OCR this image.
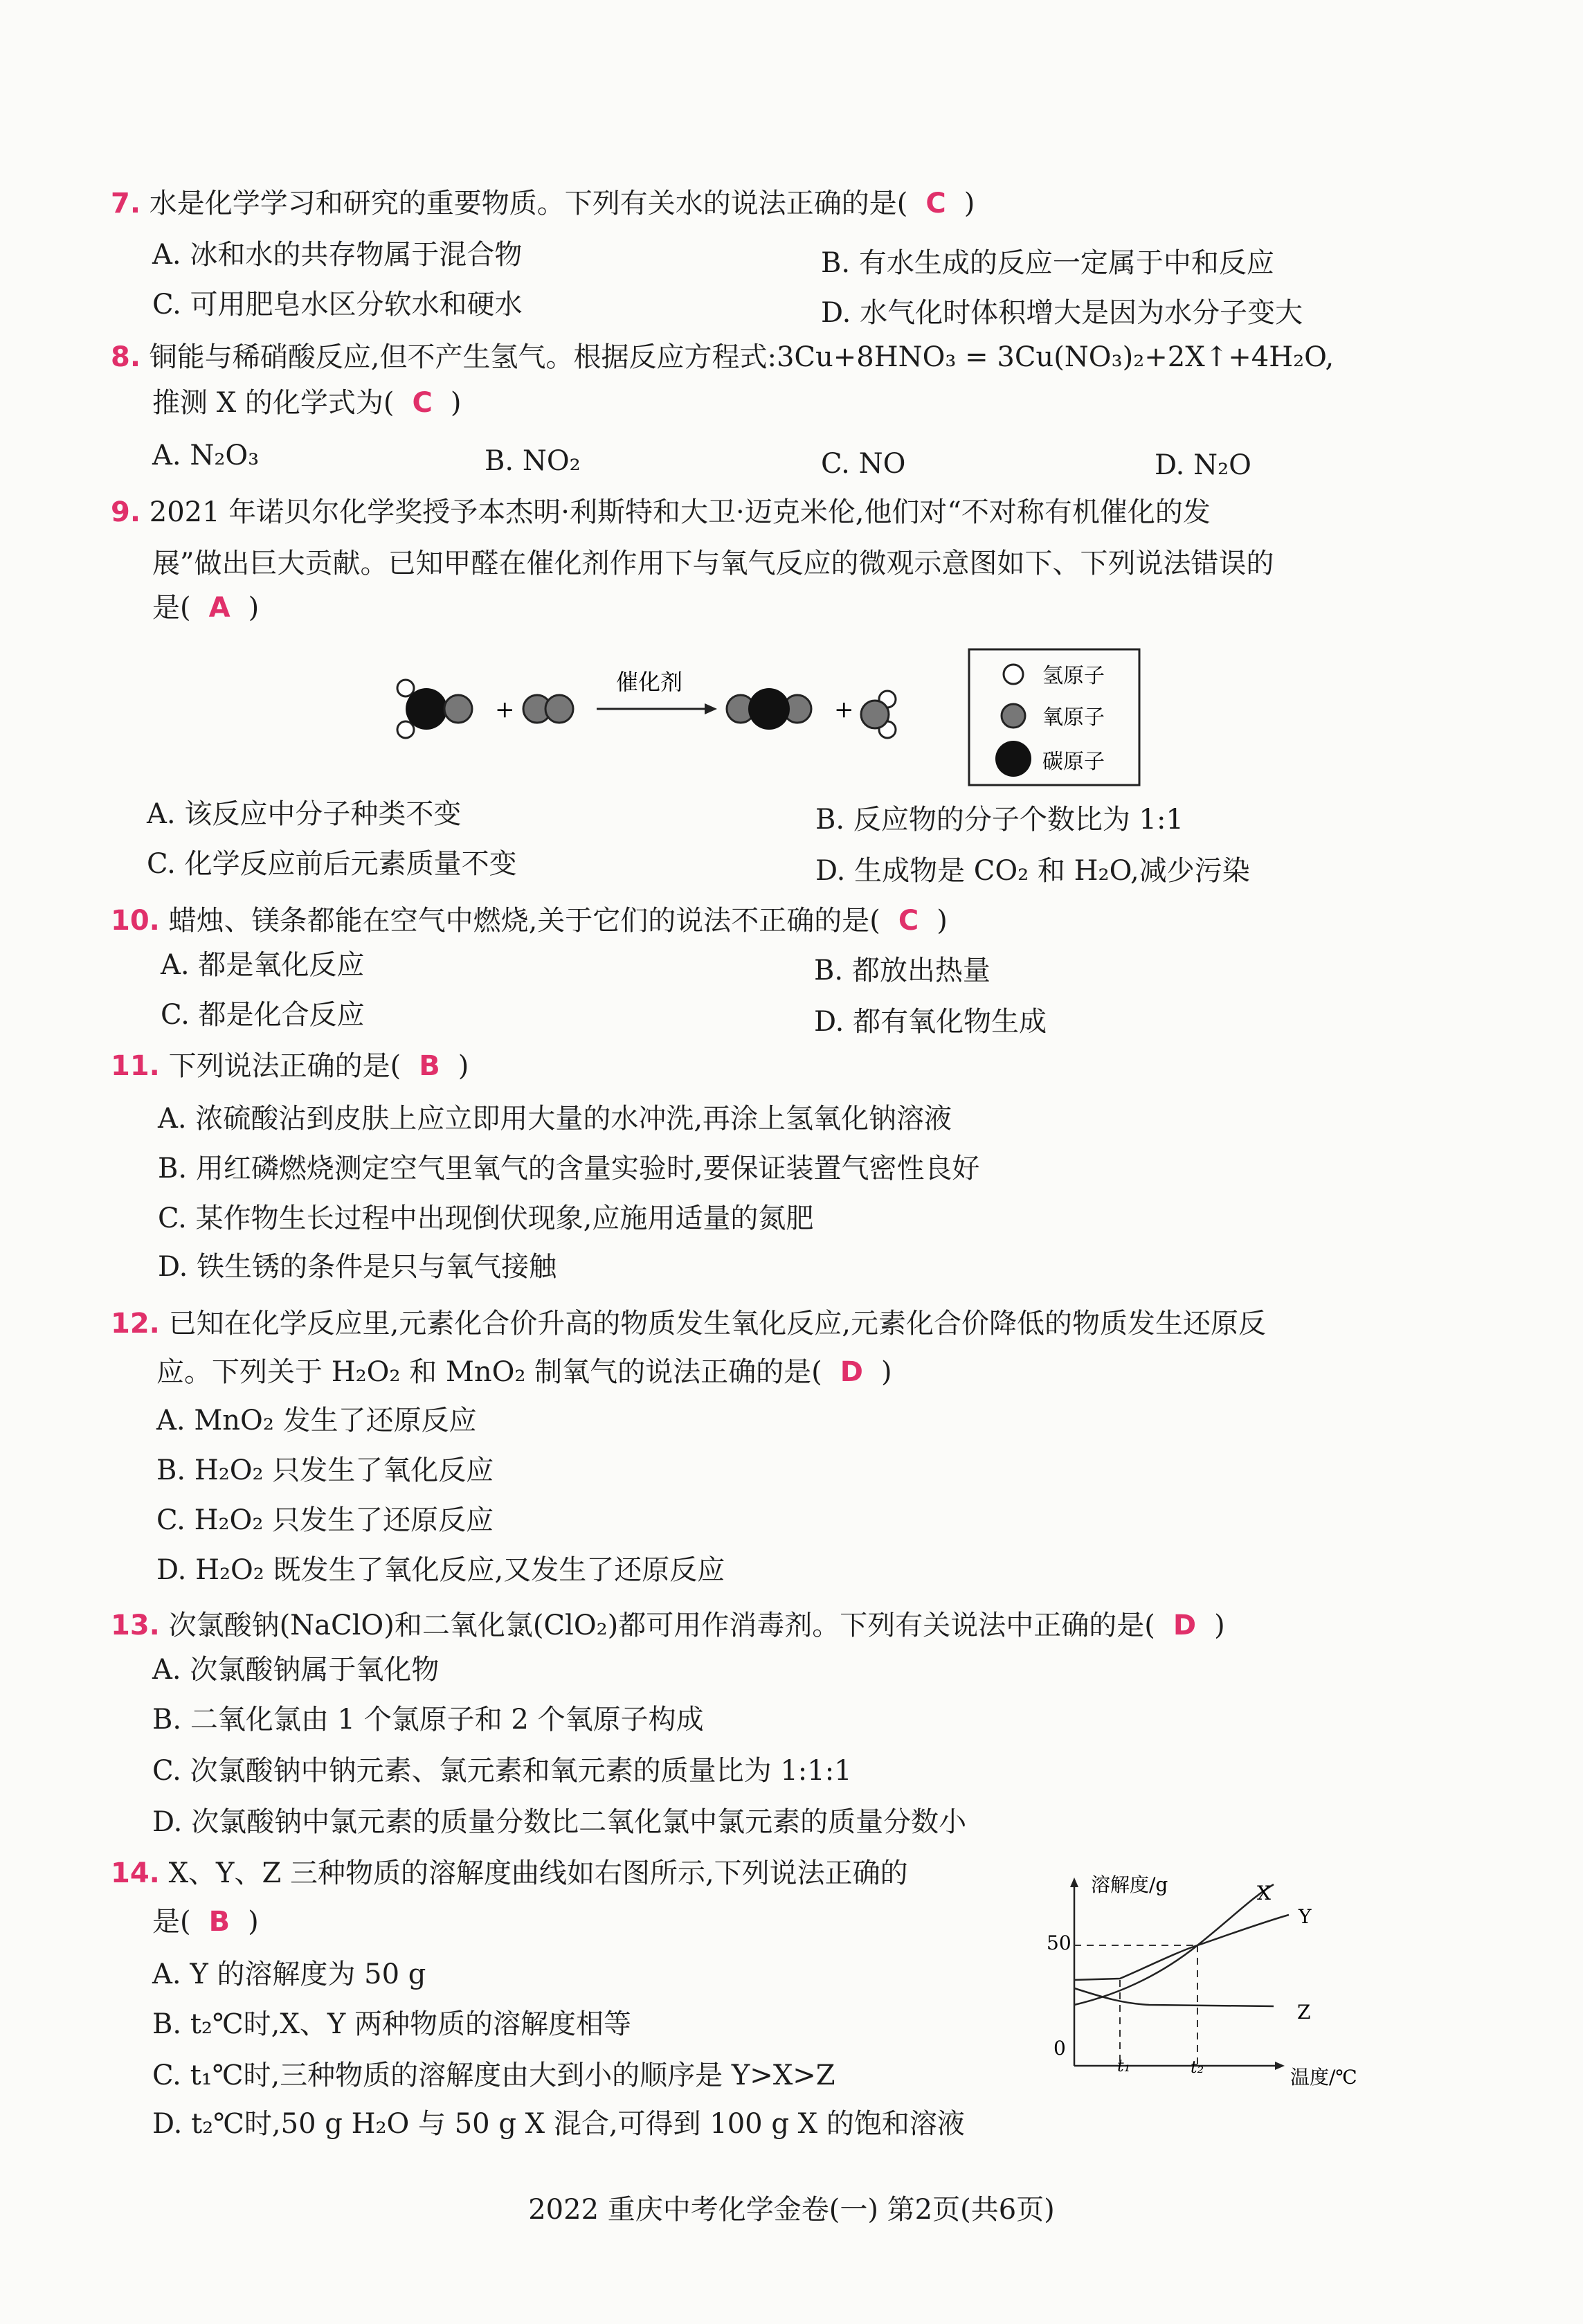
7. 水是化学学习和研究的重要物质。下列有关水的说法正确的是( C )
A. 冰和水的共存物属于混合物	B. 有水生成的反应一定属于中和反应
C. 可用肥皂水区分软水和硬水	D. 水气化时体积增大是因为水分子变大
8. 铜能与稀硝酸反应,但不产生氢气。根据反应方程式:3Cu+8HNO₃ = 3Cu(NO₃)₂+2X↑+4H₂O,
推测 X 的化学式为( C )
A. N₂O₃	B. NO₂	C. NO	D. N₂O
9. 2021 年诺贝尔化学奖授予本杰明·利斯特和大卫·迈克米伦,他们对“不对称有机催化的发
展”做出巨大贡献。已知甲醛在催化剂作用下与氧气反应的微观示意图如下、下列说法错误的
是( A )
+
催化剂
+
氢原子
氧原子
碳原子
A. 该反应中分子种类不变	B. 反应物的分子个数比为 1:1
C. 化学反应前后元素质量不变	D. 生成物是 CO₂ 和 H₂O,减少污染
10. 蜡烛、镁条都能在空气中燃烧,关于它们的说法不正确的是( C )
A. 都是氧化反应	B. 都放出热量
C. 都是化合反应	D. 都有氧化物生成
11. 下列说法正确的是( B )
A. 浓硫酸沾到皮肤上应立即用大量的水冲洗,再涂上氢氧化钠溶液
B. 用红磷燃烧测定空气里氧气的含量实验时,要保证装置气密性良好
C. 某作物生长过程中出现倒伏现象,应施用适量的氮肥
D. 铁生锈的条件是只与氧气接触
12. 已知在化学反应里,元素化合价升高的物质发生氧化反应,元素化合价降低的物质发生还原反
应。下列关于 H₂O₂ 和 MnO₂ 制氧气的说法正确的是( D )
A. MnO₂ 发生了还原反应
B. H₂O₂ 只发生了氧化反应
C. H₂O₂ 只发生了还原反应
D. H₂O₂ 既发生了氧化反应,又发生了还原反应
13. 次氯酸钠(NaClO)和二氧化氯(ClO₂)都可用作消毒剂。下列有关说法中正确的是( D )
A. 次氯酸钠属于氧化物
B. 二氧化氯由 1 个氯原子和 2 个氧原子构成
C. 次氯酸钠中钠元素、氯元素和氧元素的质量比为 1:1:1
D. 次氯酸钠中氯元素的质量分数比二氧化氯中氯元素的质量分数小
14. X、Y、Z 三种物质的溶解度曲线如右图所示,下列说法正确的
是( B )
A. Y 的溶解度为 50 g
B. t₂℃时,X、Y 两种物质的溶解度相等
C. t₁℃时,三种物质的溶解度由大到小的顺序是 Y>X>Z
D. t₂℃时,50 g H₂O 与 50 g X 混合,可得到 100 g X 的饱和溶液
溶解度/g
温度/℃
50
0
t₁	t₂
X
Y
Z
2022 重庆中考化学金卷(一) 第2页(共6页)
